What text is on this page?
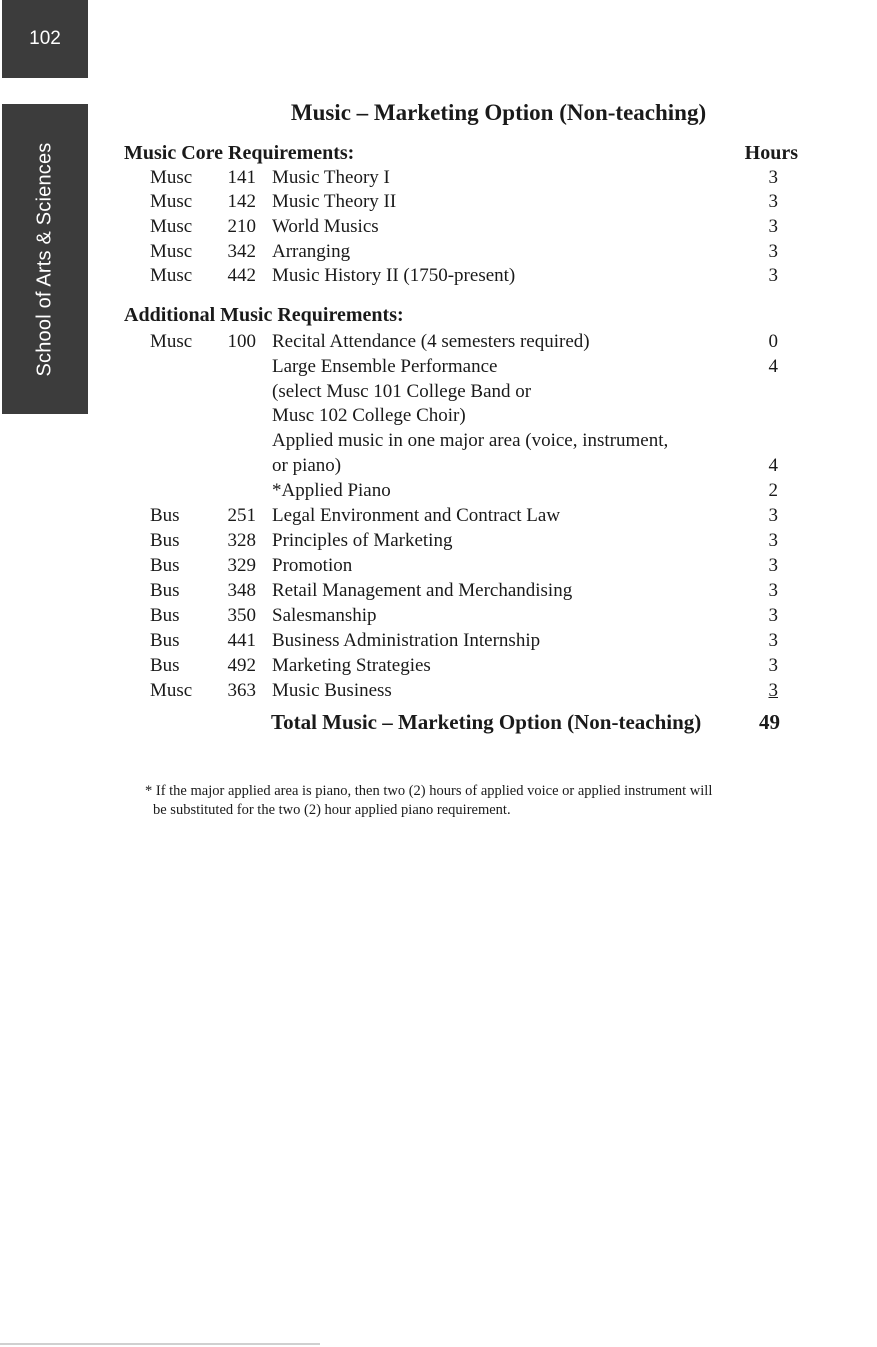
102
School of Arts & Sciences
Music – Marketing Option (Non-teaching)
Music Core Requirements:	Hours
Musc	141 Music Theory I	3
Musc	142 Music Theory II	3
Musc	210 World Musics	3
Musc	342 Arranging	3
Musc	442 Music History II (1750-present)	3
Additional Music Requirements:
Musc	100 Recital Attendance (4 semesters required)	0
Large Ensemble Performance	4
(select Musc 101 College Band or
Musc 102 College Choir)
Applied music in one major area (voice, instrument,
or piano)	4
*Applied Piano	2
Bus	251 Legal Environment and Contract Law	3
Bus	328 Principles of Marketing	3
Bus	329 Promotion	3
Bus	348 Retail Management and Merchandising	3
Bus	350 Salesmanship	3
Bus	441 Business Administration Internship	3
Bus	492 Marketing Strategies	3
Musc	363 Music Business	3
Total Music – Marketing Option (Non-teaching)	49

* If the major applied area is piano, then two (2) hours of applied voice or applied instrument will

be substituted for the two (2) hour applied piano requirement.
